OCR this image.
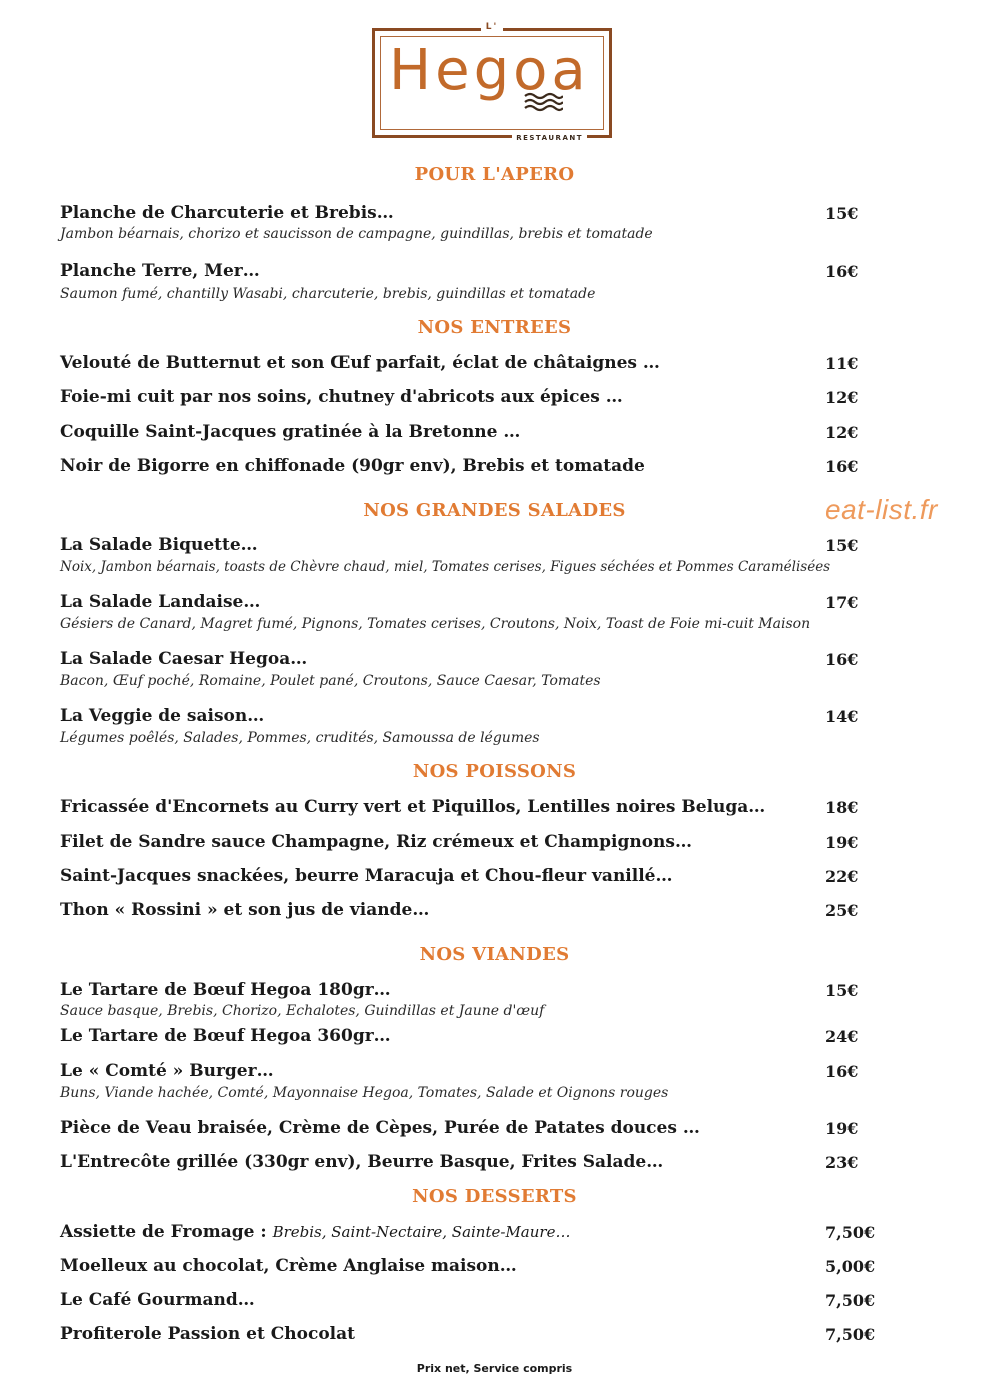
L'
Hegoa
RESTAURANT
eat-list.fr
POUR L'APERO
Planche de Charcuterie et Brebis…	15€
Jambon béarnais, chorizo et saucisson de campagne, guindillas, brebis et tomatade
Planche Terre, Mer…	16€
Saumon fumé, chantilly Wasabi, charcuterie, brebis, guindillas et tomatade
NOS ENTREES
Velouté de Butternut et son Œuf parfait, éclat de châtaignes …	11€
Foie-mi cuit par nos soins, chutney d'abricots aux épices …	12€
Coquille Saint-Jacques gratinée à la Bretonne …	12€
Noir de Bigorre en chiffonade (90gr env), Brebis et tomatade	16€
NOS GRANDES SALADES
La Salade Biquette…	15€
Noix, Jambon béarnais, toasts de Chèvre chaud, miel, Tomates cerises, Figues séchées et Pommes Caramélisées
La Salade Landaise…	17€
Gésiers de Canard, Magret fumé, Pignons, Tomates cerises, Croutons, Noix, Toast de Foie mi-cuit Maison
La Salade Caesar Hegoa…	16€
Bacon, Œuf poché, Romaine, Poulet pané, Croutons, Sauce Caesar, Tomates
La Veggie de saison…	14€
Légumes poêlés, Salades, Pommes, crudités, Samoussa de légumes
NOS POISSONS
Fricassée d'Encornets au Curry vert et Piquillos, Lentilles noires Beluga…	18€
Filet de Sandre sauce Champagne, Riz crémeux et Champignons…	19€
Saint-Jacques snackées, beurre Maracuja et Chou-fleur vanillé…	22€
Thon « Rossini » et son jus de viande…	25€
NOS VIANDES
Le Tartare de Bœuf Hegoa 180gr…	15€
Sauce basque, Brebis, Chorizo, Echalotes, Guindillas et Jaune d'œuf
Le Tartare de Bœuf Hegoa 360gr…	24€
Le « Comté » Burger…	16€
Buns, Viande hachée, Comté, Mayonnaise Hegoa, Tomates, Salade et Oignons rouges
Pièce de Veau braisée, Crème de Cèpes, Purée de Patates douces …	19€
L'Entrecôte grillée (330gr env), Beurre Basque, Frites Salade…	23€
NOS DESSERTS
Assiette de Fromage : Brebis, Saint-Nectaire, Sainte-Maure…	7,50€
Moelleux au chocolat, Crème Anglaise maison…	5,00€
Le Café Gourmand…	7,50€
Profiterole Passion et Chocolat	7,50€
Prix net, Service compris
